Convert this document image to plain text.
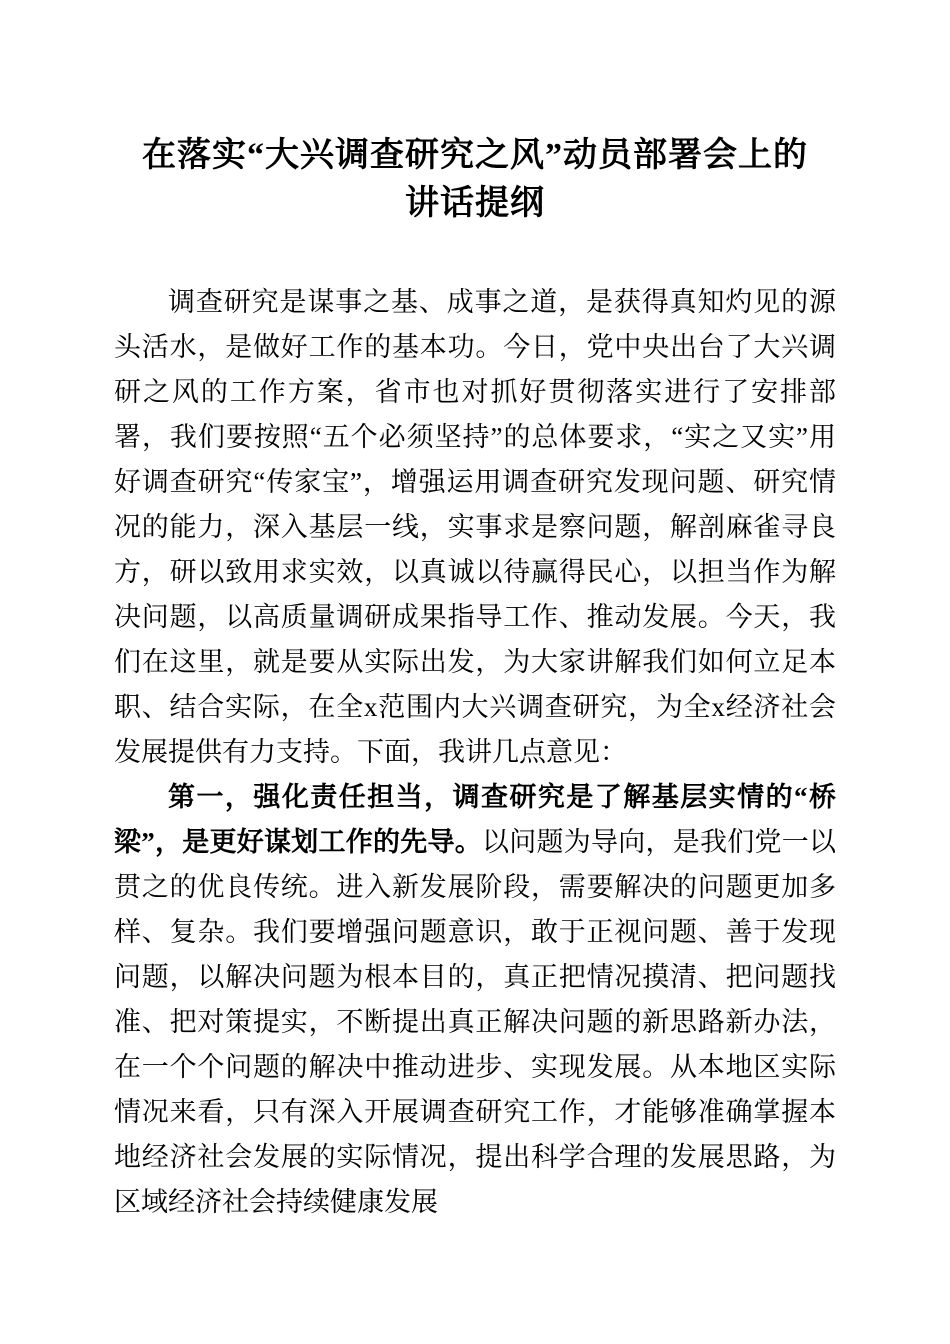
在落实“大兴调查研究之风”动员部署会上的
讲话提纲

调查研究是谋事之基、成事之道，是获得真知灼见的源头活水，是做好工作的基本功。今日，党中央出台了大兴调研之风的工作方案，省市也对抓好贯彻落实进行了安排部署，我们要按照“五个必须坚持”的总体要求，“实之又实”用好调查研究“传家宝”，增强运用调查研究发现问题、研究情况的能力，深入基层一线，实事求是察问题，解剖麻雀寻良方，研以致用求实效，以真诚以待赢得民心，以担当作为解决问题，以高质量调研成果指导工作、推动发展。今天，我们在这里，就是要从实际出发，为大家讲解我们如何立足本职、结合实际，在全x范围内大兴调查研究，为全x经济社会发展提供有力支持。下面，我讲几点意见：

第一，强化责任担当，调查研究是了解基层实情的“桥梁”，是更好谋划工作的先导。以问题为导向，是我们党一以贯之的优良传统。进入新发展阶段，需要解决的问题更加多样、复杂。我们要增强问题意识，敢于正视问题、善于发现问题，以解决问题为根本目的，真正把情况摸清、把问题找准、把对策提实，不断提出真正解决问题的新思路新办法，在一个个问题的解决中推动进步、实现发展。从本地区实际情况来看，只有深入开展调查研究工作，才能够准确掌握本地经济社会发展的实际情况，提出科学合理的发展思路，为区域经济社会持续健康发展
